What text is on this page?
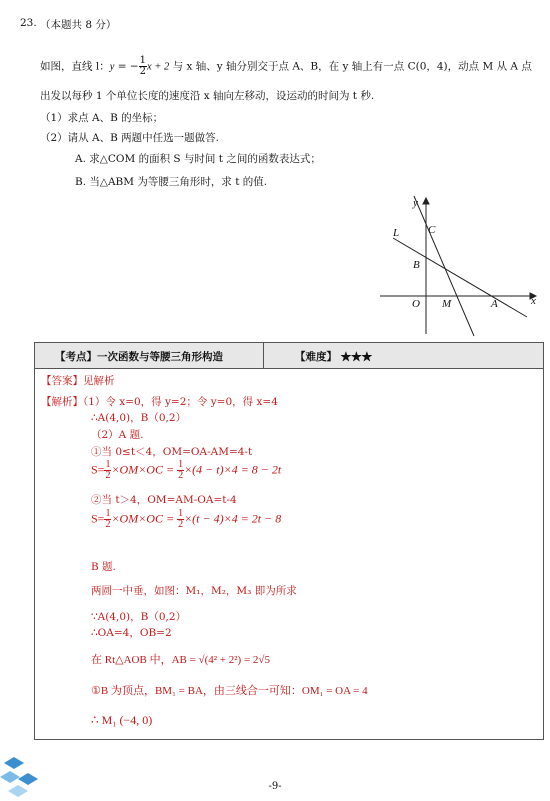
23. （本题共 8 分）
如图，直线 l：y = − $\frac{1}{2}$ x + 2 与 x 轴、y 轴分别交于点 A、B，在 y 轴上有一点 C(0，4)，动点 M 从 A 点
出发以每秒 1 个单位长度的速度沿 x 轴向左移动，设运动的时间为 t 秒.
（1）求点 A、B 的坐标；
（2）请从 A、B 两题中任选一题做答.
A. 求△COM 的面积 S 与时间 t 之间的函数表达式；
B. 当△ABM 为等腰三角形时，求 t 的值.
y
x
L	C
B
O M	A
【考点】一次函数与等腰三角形构造	【难度】 ★★★
【答案】见解析
【解析】（1）令 x=0，得 y=2；令 y=0，得 x=4
∴A(4,0)，B（0,2）
（2）A 题.
①当 0≤t＜4，OM=OA-AM=4-t
$S= \frac{1}{2} \times OM\times OC = \frac{1}{2} \times(4 - t)\times 4 = 8 - 2t$
②当 t＞4，OM=AM-OA=t-4
$S= \frac{1}{2} \times OM\times OC = \frac{1}{2} \times(t - 4)\times 4 = 2t - 8$
B 题.
两圆一中垂，如图：M₁，M₂，M₃ 即为所求
∵A(4,0)，B（0,2）
∴OA=4，OB=2
在 Rt△AOB 中，AB = √(4² + 2²) = 2√5
①B 为顶点，BM₁ = BA，由三线合一可知：OM₁ = OA = 4
∴ M₁ (−4, 0)
-9-
